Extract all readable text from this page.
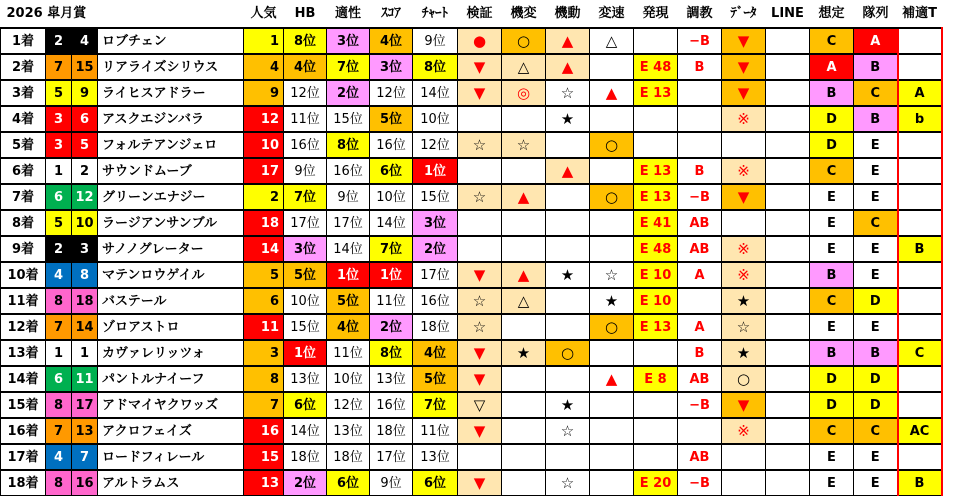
2026 皐月賞				人気	HB	適性	ｽｺｱ	ﾁｬｰﾄ	検証	機変	機動	変速	発現	調教	ﾃﾞｰﾀ	LINE	想定	隊列	補適T
1着	2	4	ロブチェン	1	8位	3位	4位	9位	●	○	▲	△		−B	▼		C	A	
2着	7	15	リアライズシリウス	4	4位	7位	3位	8位	▼	△	▲		E 48	B	▼		A	B	
3着	5	9	ライヒスアドラー	9	12位	2位	12位	14位	▼	◎	☆	▲	E 13		▼		B	C	A
4着	3	6	アスクエジンバラ	12	11位	15位	5位	10位			★				※		D	B	b
5着	3	5	フォルテアンジェロ	10	16位	8位	16位	12位	☆	☆		○					D	E	
6着	1	2	サウンドムーブ	17	9位	16位	6位	1位			▲		E 13	B	※		C	E	
7着	6	12	グリーンエナジー	2	7位	9位	10位	15位	☆	▲		○	E 13	−B	▼		E	E	
8着	5	10	ラージアンサンブル	18	17位	17位	14位	3位					E 41	AB			E	C	
9着	2	3	サノノグレーター	14	3位	14位	7位	2位					E 48	AB	※		E	E	B
10着	4	8	マテンロウゲイル	5	5位	1位	1位	17位	▼	▲	★	☆	E 10	A	※		B	E	
11着	8	18	バステール	6	10位	5位	11位	16位	☆	△		★	E 10		★		C	D	
12着	7	14	ゾロアストロ	11	15位	4位	2位	18位	☆			○	E 13	A	☆		E	E	
13着	1	1	カヴァレリッツォ	3	1位	11位	8位	4位	▼	★	○			B	★		B	B	C
14着	6	11	パントルナイーフ	8	13位	10位	13位	5位	▼			▲	E 8	AB	○		D	D	
15着	8	17	アドマイヤクワッズ	7	6位	12位	16位	7位	▽		★			−B	▼		D	D	
16着	7	13	アクロフェイズ	16	14位	13位	18位	11位	▼		☆				※		C	C	AC
17着	4	7	ロードフィレール	15	18位	18位	17位	13位						AB			E	E	
18着	8	16	アルトラムス	13	2位	6位	9位	6位	▼		☆		E 20	−B			E	E	B
